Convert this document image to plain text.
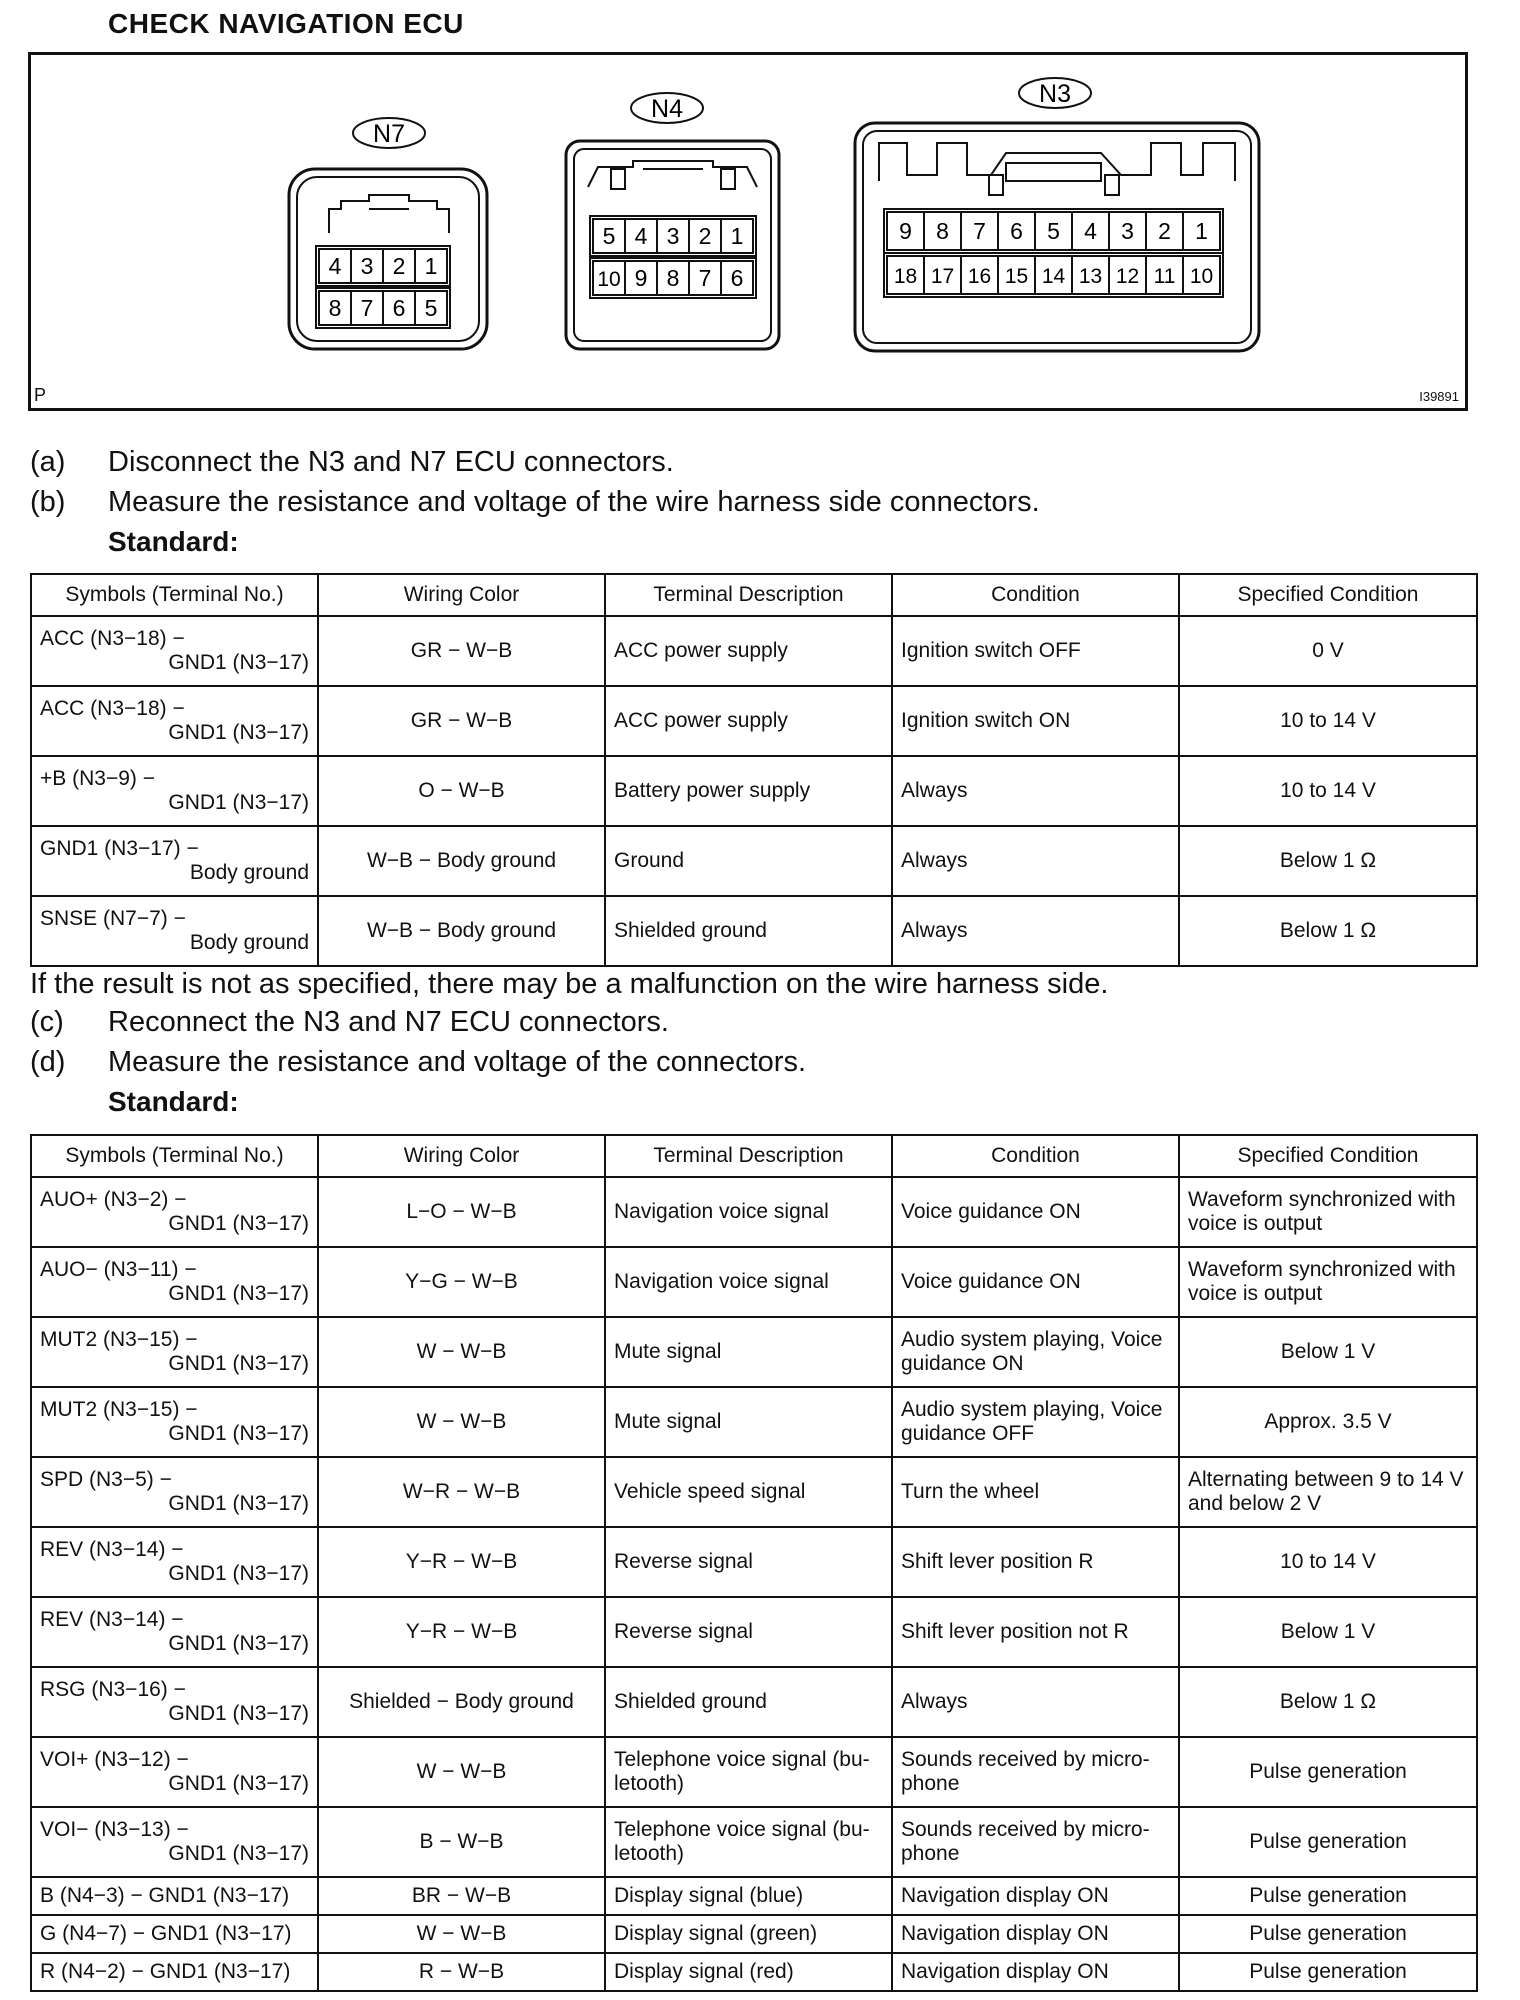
CHECK NAVIGATION ECU
N7
4 3 2 1
8 7 6 5
N4
5 4 3 2 1
10 9 8 7 6
N3
9 8 7 6 5 4 3 2 1
18 17 16 15 14 13 12 11 10
P	I39891
(a) Disconnect the N3 and N7 ECU connectors.
(b) Measure the resistance and voltage of the wire harness side connectors.
Standard:
Symbols (Terminal No.)	Wiring Color	Terminal Description	Condition	Specified Condition

ACC (N3−18) −
GND1 (N3−17)	GR − W−B	ACC power supply	Ignition switch OFF	0 V

ACC (N3−18) −
GND1 (N3−17)	GR − W−B	ACC power supply	Ignition switch ON	10 to 14 V

+B (N3−9) −
GND1 (N3−17)	O − W−B	Battery power supply	Always	10 to 14 V

GND1 (N3−17) −
Body ground	W−B − Body ground	Ground	Always	Below 1 Ω

SNSE (N7−7) −
Body ground	W−B − Body ground	Shielded ground	Always	Below 1 Ω
If the result is not as specified, there may be a malfunction on the wire harness side.
(c) Reconnect the N3 and N7 ECU connectors.
(d) Measure the resistance and voltage of the connectors.
Standard:
Symbols (Terminal No.)	Wiring Color	Terminal Description	Condition	Specified Condition

AUO+ (N3−2) −
GND1 (N3−17)	L−O − W−B	Navigation voice signal	Voice guidance ON	Waveform synchronized with voice is output

AUO− (N3−11) −
GND1 (N3−17)	Y−G − W−B	Navigation voice signal	Voice guidance ON	Waveform synchronized with voice is output

MUT2 (N3−15) −
GND1 (N3−17)	W − W−B	Mute signal	Audio system playing, Voice guidance ON	Below 1 V

MUT2 (N3−15) −
GND1 (N3−17)	W − W−B	Mute signal	Audio system playing, Voice guidance OFF	Approx. 3.5 V

SPD (N3−5) −
GND1 (N3−17)	W−R − W−B	Vehicle speed signal	Turn the wheel	Alternating between 9 to 14 V and below 2 V

REV (N3−14) −
GND1 (N3−17)	Y−R − W−B	Reverse signal	Shift lever position R	10 to 14 V

REV (N3−14) −
GND1 (N3−17)	Y−R − W−B	Reverse signal	Shift lever position not R	Below 1 V

RSG (N3−16) −
GND1 (N3−17)	Shielded − Body ground	Shielded ground	Always	Below 1 Ω

VOI+ (N3−12) −
GND1 (N3−17)	W − W−B	Telephone voice signal (bu-letooth)	Sounds received by micro-phone	Pulse generation

VOI− (N3−13) −
GND1 (N3−17)	B − W−B	Telephone voice signal (bu-letooth)	Sounds received by micro-phone	Pulse generation

B (N4−3) − GND1 (N3−17)	BR − W−B	Display signal (blue)	Navigation display ON	Pulse generation

G (N4−7) − GND1 (N3−17)	W − W−B	Display signal (green)	Navigation display ON	Pulse generation

R (N4−2) − GND1 (N3−17)	R − W−B	Display signal (red)	Navigation display ON	Pulse generation
